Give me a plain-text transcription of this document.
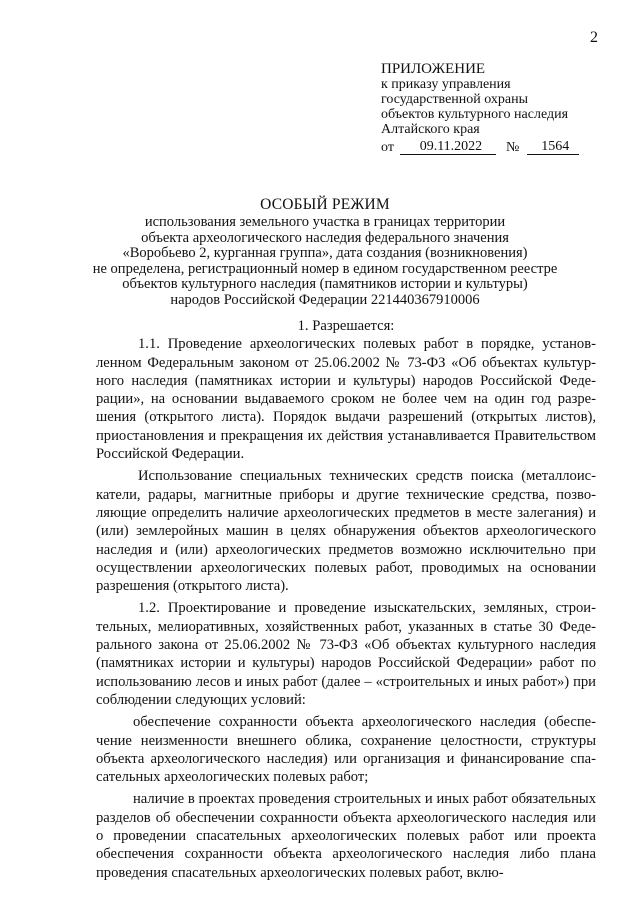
2
ПРИЛОЖЕНИЕ
к приказу управления
государственной охраны
объектов культурного наследия
Алтайского края
от	09.11.2022	№	1564
ОСОБЫЙ РЕЖИМ
использования земельного участка в границах территории
объекта археологического наследия федерального значения
«Воробьево 2, курганная группа», дата создания (возникновения)
не определена, регистрационный номер в едином государственном реестре
объектов культурного наследия (памятников истории и культуры)
народов Российской Федерации 221440367910006
1. Разрешается:

1.1. Проведение археологических полевых работ в порядке, установленном Федеральным законом от 25.06.2002 № 73-ФЗ «Об объектах культурного наследия (памятниках истории и культуры) народов Российской Федерации», на основании выдаваемого сроком не более чем на один год разрешения (открытого листа). Порядок выдачи разрешений (открытых листов), приостановления и прекращения их действия устанавливается Правительством Российской Федерации.

Использование специальных технических средств поиска (металлоискатели, радары, магнитные приборы и другие технические средства, позволяющие определить наличие археологических предметов в месте залегания) и (или) землеройных машин в целях обнаружения объектов археологического наследия и (или) археологических предметов возможно исключительно при осуществлении археологических полевых работ, проводимых на основании разрешения (открытого листа).

1.2. Проектирование и проведение изыскательских, земляных, строительных, мелиоративных, хозяйственных работ, указанных в статье 30 Федерального закона от 25.06.2002 № 73-ФЗ «Об объектах культурного наследия (памятниках истории и культуры) народов Российской Федерации» работ по использованию лесов и иных работ (далее – «строительных и иных работ») при соблюдении следующих условий:

обеспечение сохранности объекта археологического наследия (обеспечение неизменности внешнего облика, сохранение целостности, структуры объекта археологического наследия) или организация и финансирование спасательных археологических полевых работ;

наличие в проектах проведения строительных и иных работ обязательных разделов об обеспечении сохранности объекта археологического наследия или о проведении спасательных археологических полевых работ или проекта обеспечения сохранности объекта археологического наследия либо плана проведения спасательных археологических полевых работ, вклю-
